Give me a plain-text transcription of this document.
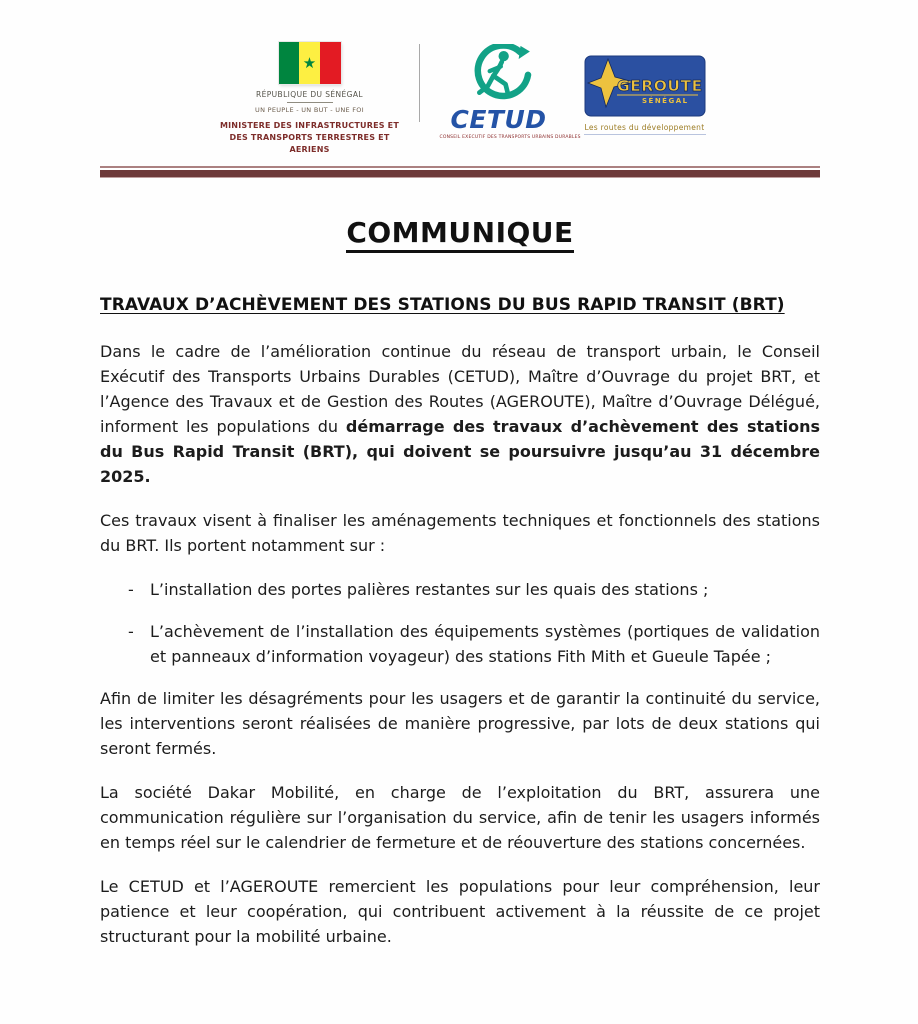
★
RÉPUBLIQUE DU SÉNÉGAL
UN PEUPLE - UN BUT - UNE FOI
MINISTERE DES INFRASTRUCTURES ET DES TRANSPORTS TERRESTRES ET AERIENS
CETUD
CONSEIL EXECUTIF DES TRANSPORTS URBAINS DURABLES
GEROUTE
SÉNÉGAL
Les routes du développement
COMMUNIQUE
TRAVAUX D’ACHÈVEMENT DES STATIONS DU BUS RAPID TRANSIT (BRT)

Dans le cadre de l’amélioration continue du réseau de transport urbain, le Conseil Exécutif des Transports Urbains Durables (CETUD), Maître d’Ouvrage du projet BRT, et l’Agence des Travaux et de Gestion des Routes (AGEROUTE), Maître d’Ouvrage Délégué, informent les populations du démarrage des travaux d’achèvement des stations du Bus Rapid Transit (BRT), qui doivent se poursuivre jusqu’au 31 décembre 2025.

Ces travaux visent à finaliser les aménagements techniques et fonctionnels des stations du BRT. Ils portent notamment sur :

-	L’installation des portes palières restantes sur les quais des stations ;
-	L’achèvement de l’installation des équipements systèmes (portiques de validation et panneaux d’information voyageur) des stations Fith Mith et Gueule Tapée ;

Afin de limiter les désagréments pour les usagers et de garantir la continuité du service, les interventions seront réalisées de manière progressive, par lots de deux stations qui seront fermés.

La société Dakar Mobilité, en charge de l’exploitation du BRT, assurera une communication régulière sur l’organisation du service, afin de tenir les usagers informés en temps réel sur le calendrier de fermeture et de réouverture des stations concernées.

Le CETUD et l’AGEROUTE remercient les populations pour leur compréhension, leur patience et leur coopération, qui contribuent activement à la réussite de ce projet structurant pour la mobilité urbaine.
